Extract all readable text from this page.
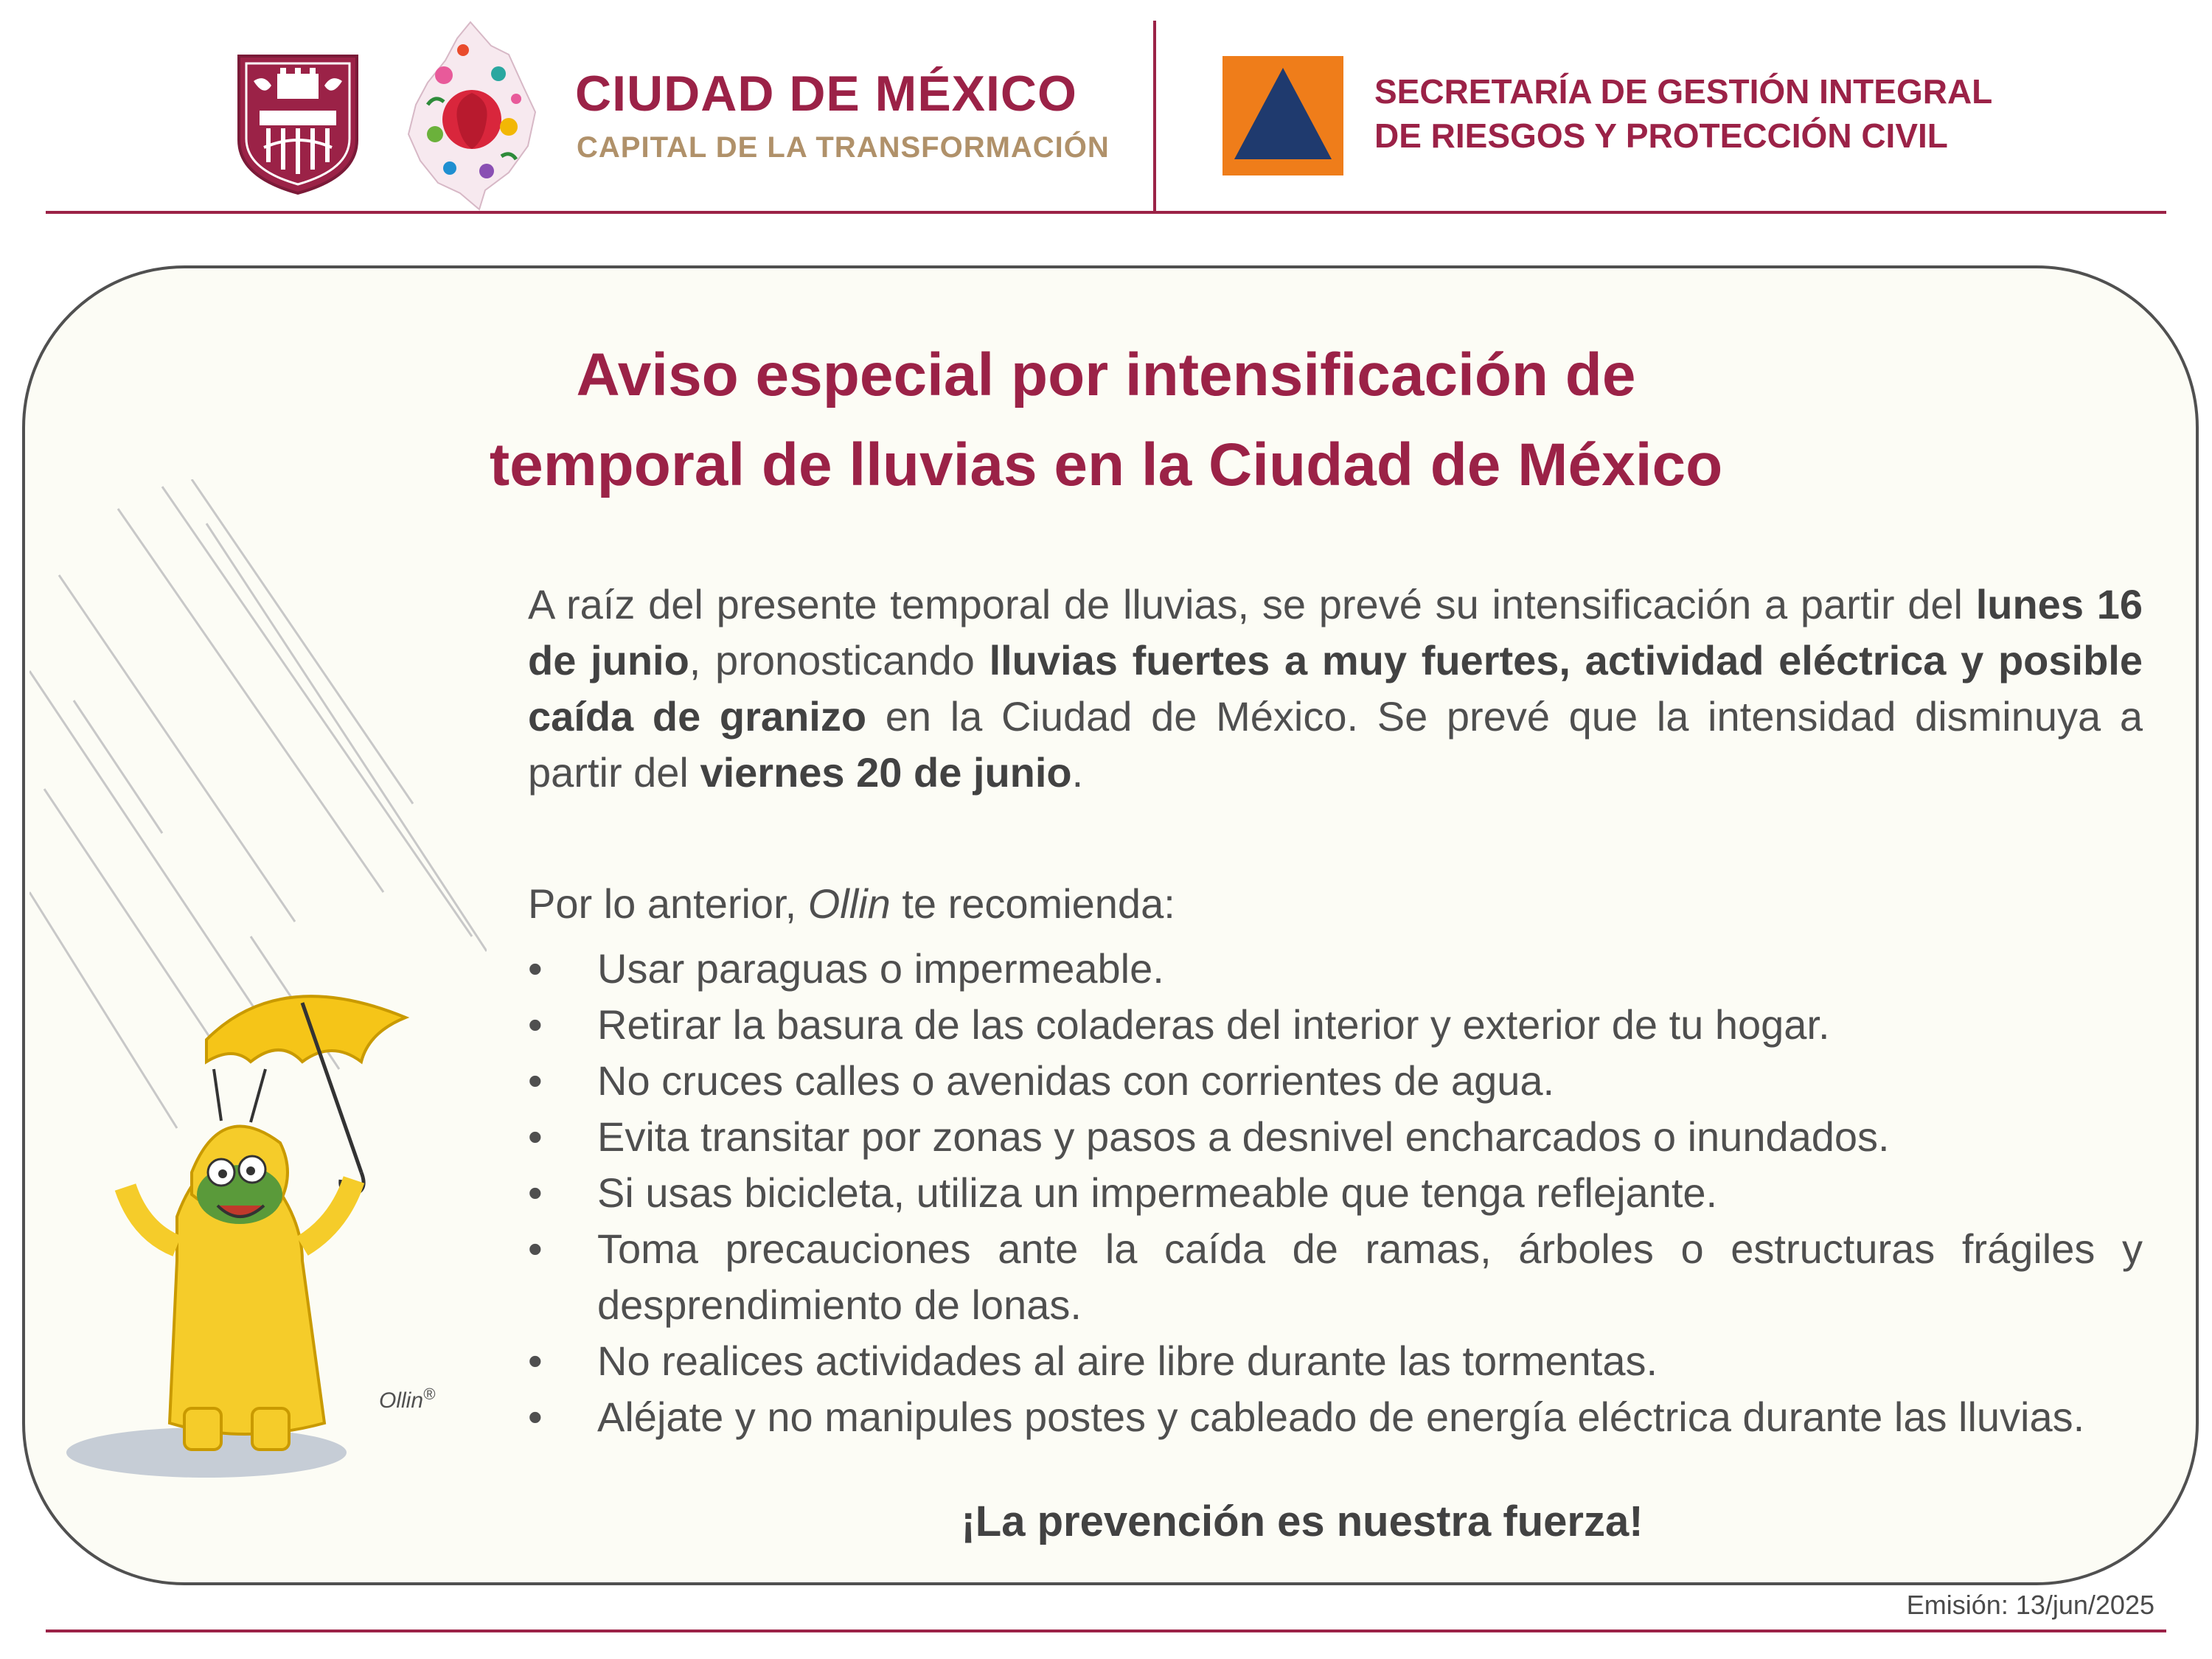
CIUDAD DE MÉXICO
CAPITAL DE LA TRANSFORMACIÓN
SECRETARÍA DE GESTIÓN INTEGRAL
DE RIESGOS Y PROTECCIÓN CIVIL
Ollin®
Aviso especial por intensificación de
temporal de lluvias en la Ciudad de México
A raíz del presente temporal de lluvias, se prevé su intensificación a partir del lunes 16 de junio, pronosticando lluvias fuertes a muy fuertes, actividad eléctrica y posible caída de granizo en la Ciudad de México. Se prevé que la intensidad disminuya a partir del viernes 20 de junio.
Por lo anterior, Ollin te recomienda:
• Usar paraguas o impermeable.
• Retirar la basura de las coladeras del interior y exterior de tu hogar.
• No cruces calles o avenidas con corrientes de agua.
• Evita transitar por zonas y pasos a desnivel encharcados o inundados.
• Si usas bicicleta, utiliza un impermeable que tenga reflejante.
• Toma precauciones ante la caída de ramas, árboles o estructuras frágiles y desprendimiento de lonas.
• No realices actividades al aire libre durante las tormentas.
• Aléjate y no manipules postes y cableado de energía eléctrica durante las lluvias.
¡La prevención es nuestra fuerza!
Emisión: 13/jun/2025
